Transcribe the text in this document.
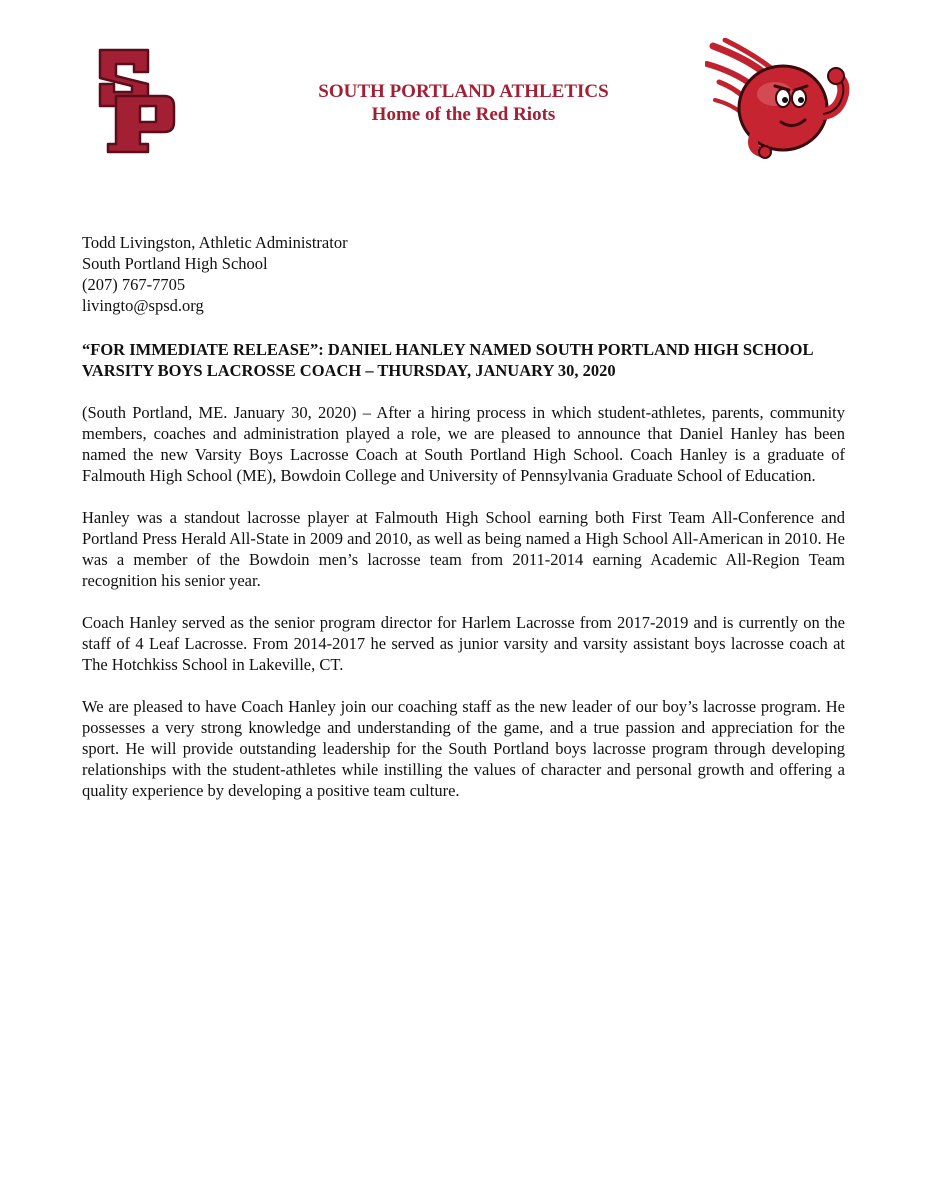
SOUTH PORTLAND ATHLETICS
Home of the Red Riots
Todd Livingston, Athletic Administrator
South Portland High School
(207) 767-7705
livingto@spsd.org
“FOR IMMEDIATE RELEASE”: DANIEL HANLEY NAMED SOUTH PORTLAND HIGH SCHOOL VARSITY BOYS LACROSSE COACH – THURSDAY, JANUARY 30, 2020

(South Portland, ME. January 30, 2020) – After a hiring process in which student-athletes, parents, community members, coaches and administration played a role, we are pleased to announce that Daniel Hanley has been named the new Varsity Boys Lacrosse Coach at South Portland High School. Coach Hanley is a graduate of Falmouth High School (ME), Bowdoin College and University of Pennsylvania Graduate School of Education.

Hanley was a standout lacrosse player at Falmouth High School earning both First Team All-Conference and Portland Press Herald All-State in 2009 and 2010, as well as being named a High School All-American in 2010. He was a member of the Bowdoin men’s lacrosse team from 2011-2014 earning Academic All-Region Team recognition his senior year.

Coach Hanley served as the senior program director for Harlem Lacrosse from 2017-2019 and is currently on the staff of 4 Leaf Lacrosse. From 2014-2017 he served as junior varsity and varsity assistant boys lacrosse coach at The Hotchkiss School in Lakeville, CT.

We are pleased to have Coach Hanley join our coaching staff as the new leader of our boy’s lacrosse program. He possesses a very strong knowledge and understanding of the game, and a true passion and appreciation for the sport. He will provide outstanding leadership for the South Portland boys lacrosse program through developing relationships with the student-athletes while instilling the values of character and personal growth and offering a quality experience by developing a positive team culture.
